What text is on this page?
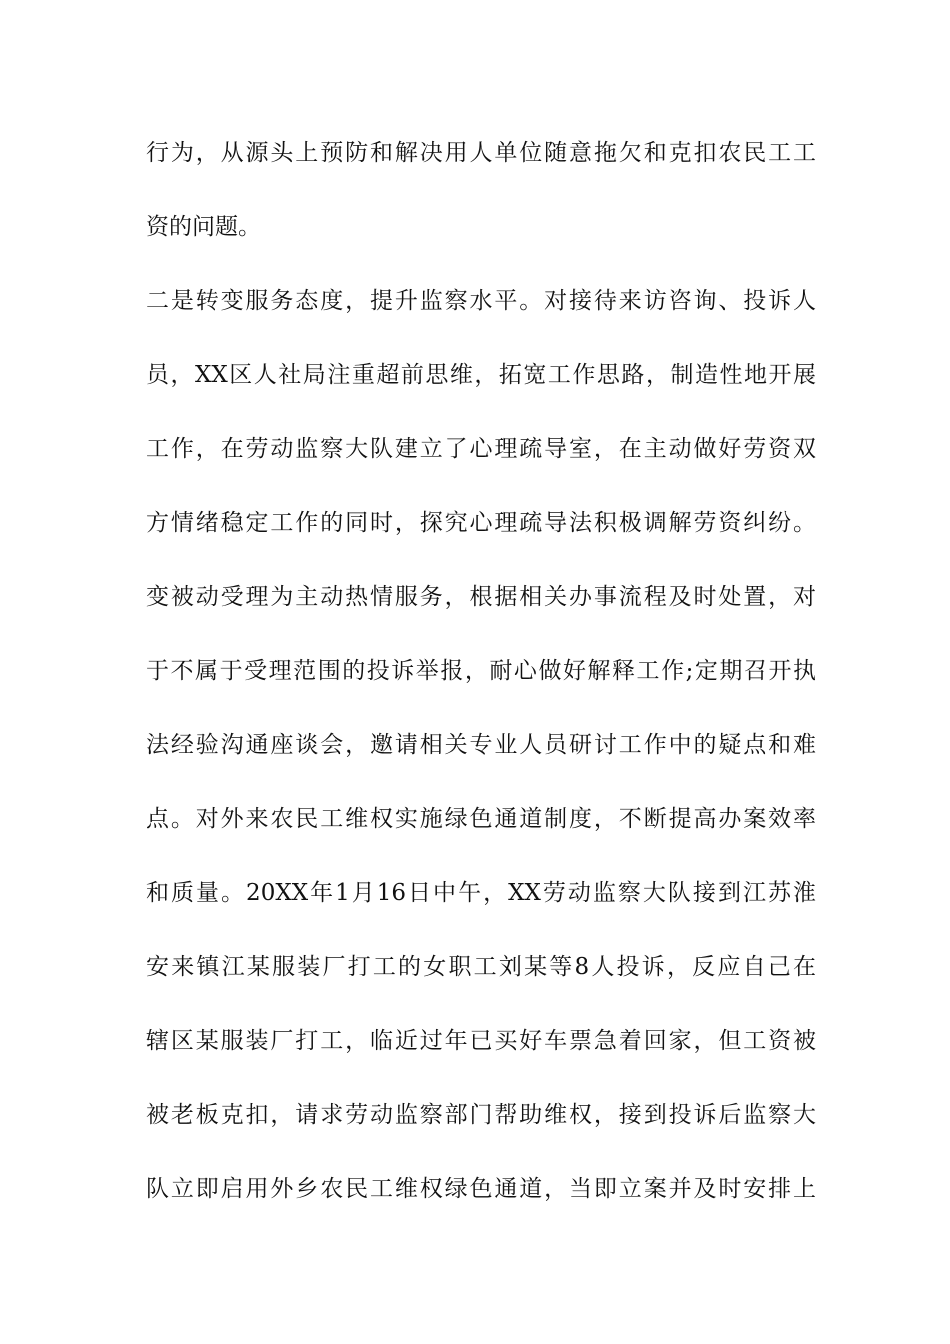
行为，从源头上预防和解决用人单位随意拖欠和克扣农民工工
资的问题。
二是转变服务态度，提升监察水平。对接待来访咨询、投诉人
员，XX区人社局注重超前思维，拓宽工作思路，制造性地开展
工作，在劳动监察大队建立了心理疏导室，在主动做好劳资双
方情绪稳定工作的同时，探究心理疏导法积极调解劳资纠纷。
变被动受理为主动热情服务，根据相关办事流程及时处置，对
于不属于受理范围的投诉举报，耐心做好解释工作;定期召开执
法经验沟通座谈会，邀请相关专业人员研讨工作中的疑点和难
点。对外来农民工维权实施绿色通道制度，不断提高办案效率
和质量。20XX年1月16日中午，XX劳动监察大队接到江苏淮
安来镇江某服装厂打工的女职工刘某等8人投诉，反应自己在
辖区某服装厂打工，临近过年已买好车票急着回家，但工资被
被老板克扣，请求劳动监察部门帮助维权，接到投诉后监察大
队立即启用外乡农民工维权绿色通道，当即立案并及时安排上
